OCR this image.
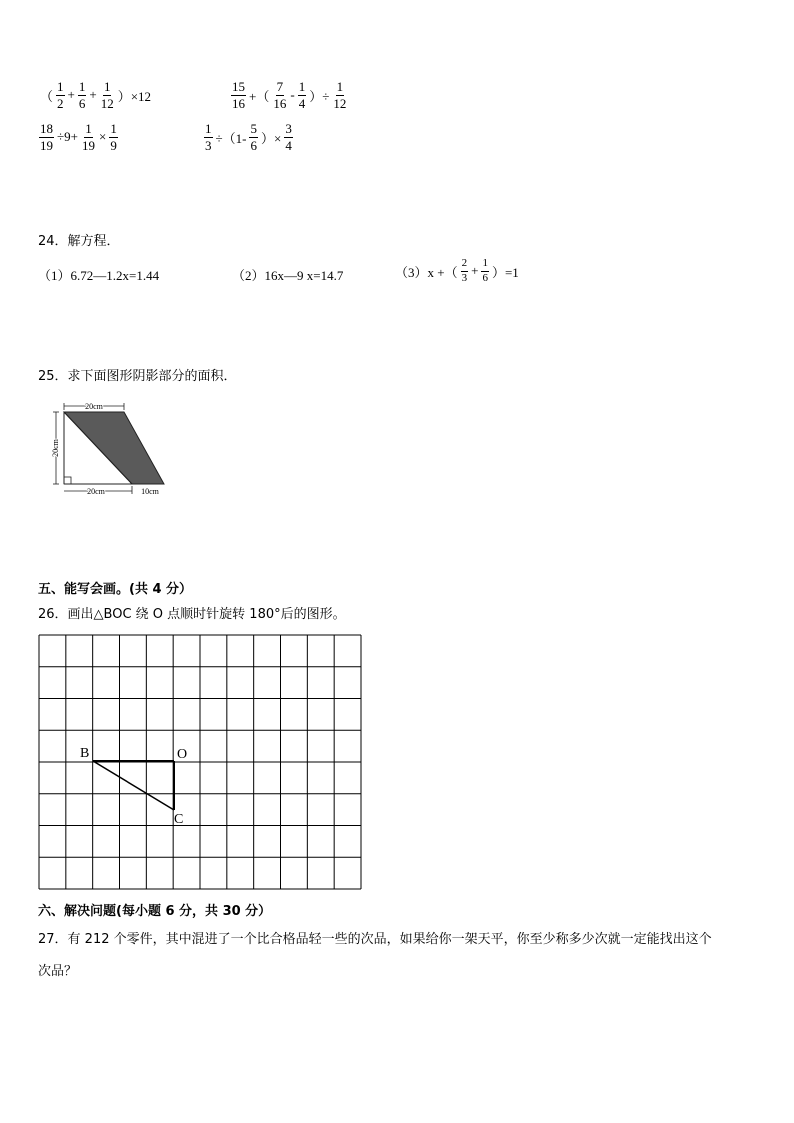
（ $\frac{1}{2} + \frac{1}{6} + \frac{1}{12} )\times 12$	$\frac{15}{16}$ +（ $\frac{7}{16} - \frac{1}{4}$ ）÷ $\frac{1}{12}$
$\frac{18}{19} \div 9+ \frac{1}{19} \times \frac{1}{9}$	$\frac{1}{3} \div(1- \frac{5}{6}$ ）× $\frac{3}{4}$
24．解方程．
（1）6.72—1.2x=1.44	（2）16x—9 x=14.7	（3）x +（ $\frac{2}{3} + \frac{1}{6} )=1$
25．求下面图形阴影部分的面积．
20cm
20cm
20cm	10cm
五、能写会画。(共 4 分）
26．画出△BOC 绕 O 点顺时针旋转 180°后的图形。
B	O
C
六、解决问题(每小题 6 分，共 30 分）
27．有 212 个零件，其中混进了一个比合格品轻一些的次品，如果给你一架天平，你至少称多少次就一定能找出这个
次品？
